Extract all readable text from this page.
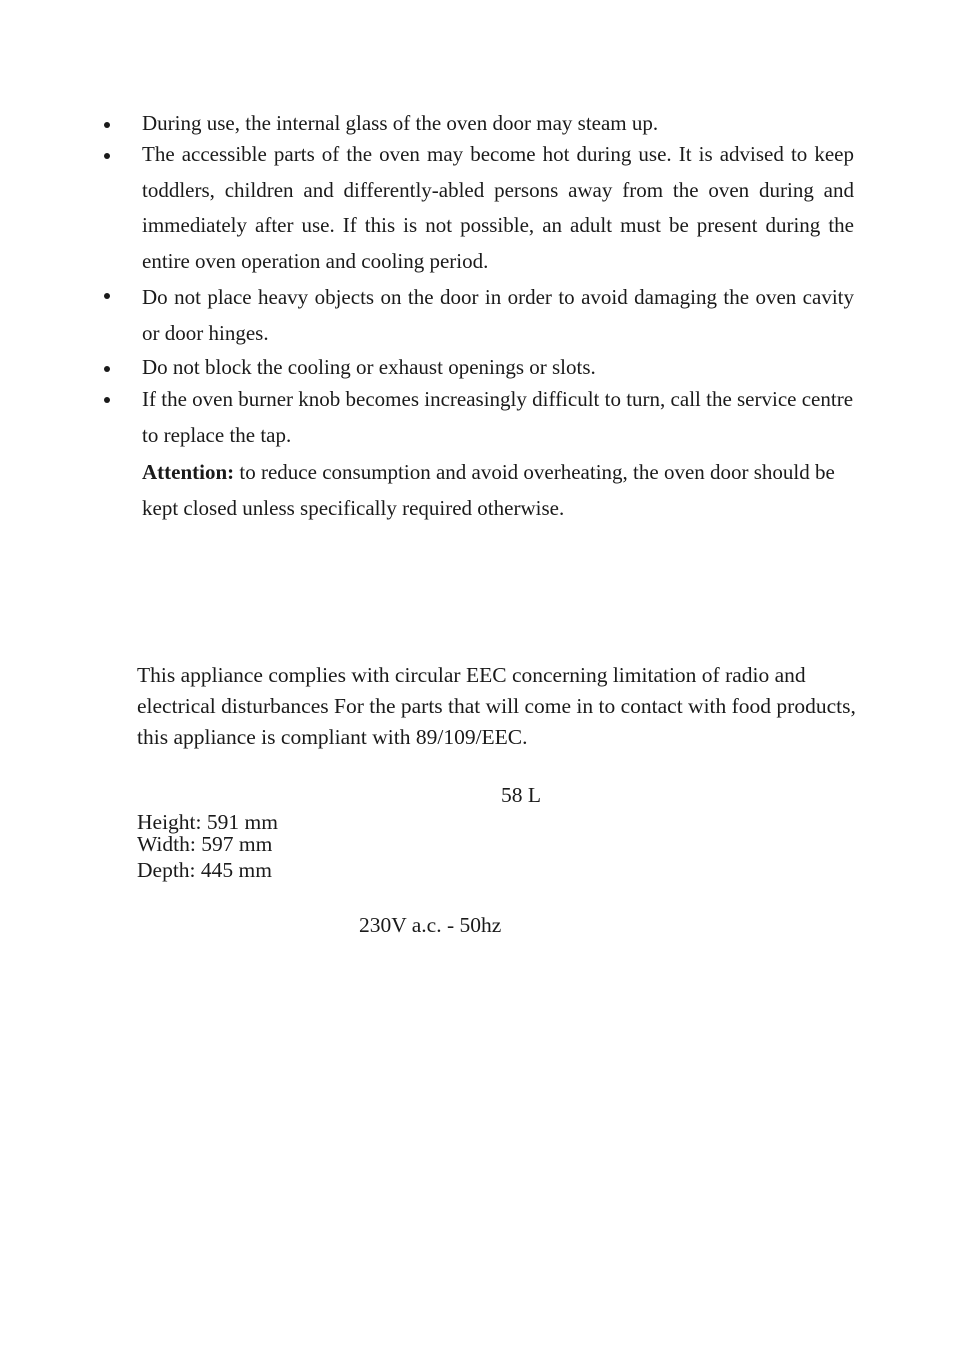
During use, the internal glass of the oven door may steam up.

The accessible parts of the oven may become hot during use. It is advised to keep toddlers, children and differently-abled persons away from the oven during and immediately after use. If this is not possible, an adult must be present during the entire oven operation and cooling period.

Do not place heavy objects on the door in order to avoid damaging the oven cavity or door hinges.

Do not block the cooling or exhaust openings or slots.

If the oven burner knob becomes increasingly difficult to turn, call the service centre to replace the tap.

Attention: to reduce consumption and avoid overheating, the oven door should be kept closed unless specifically required otherwise.

This appliance complies with circular EEC concerning limitation of radio and electrical disturbances For the parts that will come in to contact with food products, this appliance is compliant with 89/109/EEC.

58 L

Height: 591 mm

Width: 597 mm

Depth: 445 mm

230V a.c. - 50hz
